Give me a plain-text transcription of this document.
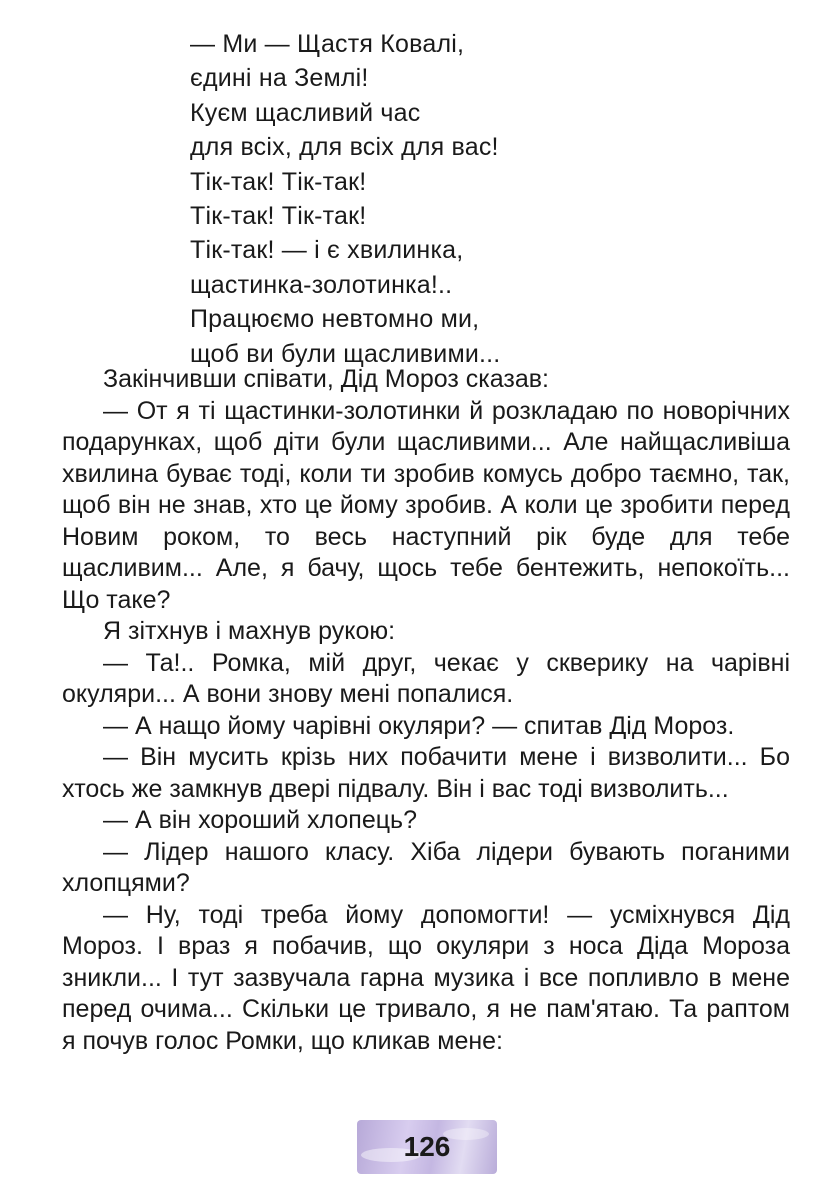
— Ми — Щастя Ковалі,
єдині на Землі!
Куєм щасливий час
для всіх, для всіх для вас!
Тік-так! Тік-так!
Тік-так! Тік-так!
Тік-так! — і є хвилинка,
щастинка-золотинка!..
Працюємо невтомно ми,
щоб ви були щасливими...

Закінчивши співати, Дід Мороз сказав:

— От я ті щастинки-золотинки й розкладаю по новорічних подарунках, щоб діти були щасливими... Але найщасливіша хвилина буває тоді, коли ти зробив комусь добро таємно, так, щоб він не знав, хто це йому зробив. А коли це зробити перед Новим роком, то весь наступний рік буде для тебе щасливим... Але, я бачу, щось тебе бентежить, непокоїть... Що таке?

Я зітхнув і махнув рукою:

— Та!.. Ромка, мій друг, чекає у скверику на чарівні окуляри... А вони знову мені попалися.

— А нащо йому чарівні окуляри? — спитав Дід Мороз.

— Він мусить крізь них побачити мене і визволити... Бо хтось же замкнув двері підвалу. Він і вас тоді визволить...

— А він хороший хлопець?

— Лідер нашого класу. Хіба лідери бувають поганими хлопцями?

— Ну, тоді треба йому допомогти! — усміхнувся Дід Мороз. І враз я побачив, що окуляри з носа Діда Мороза зникли... І тут зазвучала гарна музика і все попливло в мене перед очима... Скільки це тривало, я не пам'ятаю. Та раптом я почув голос Ромки, що кликав мене:

126
